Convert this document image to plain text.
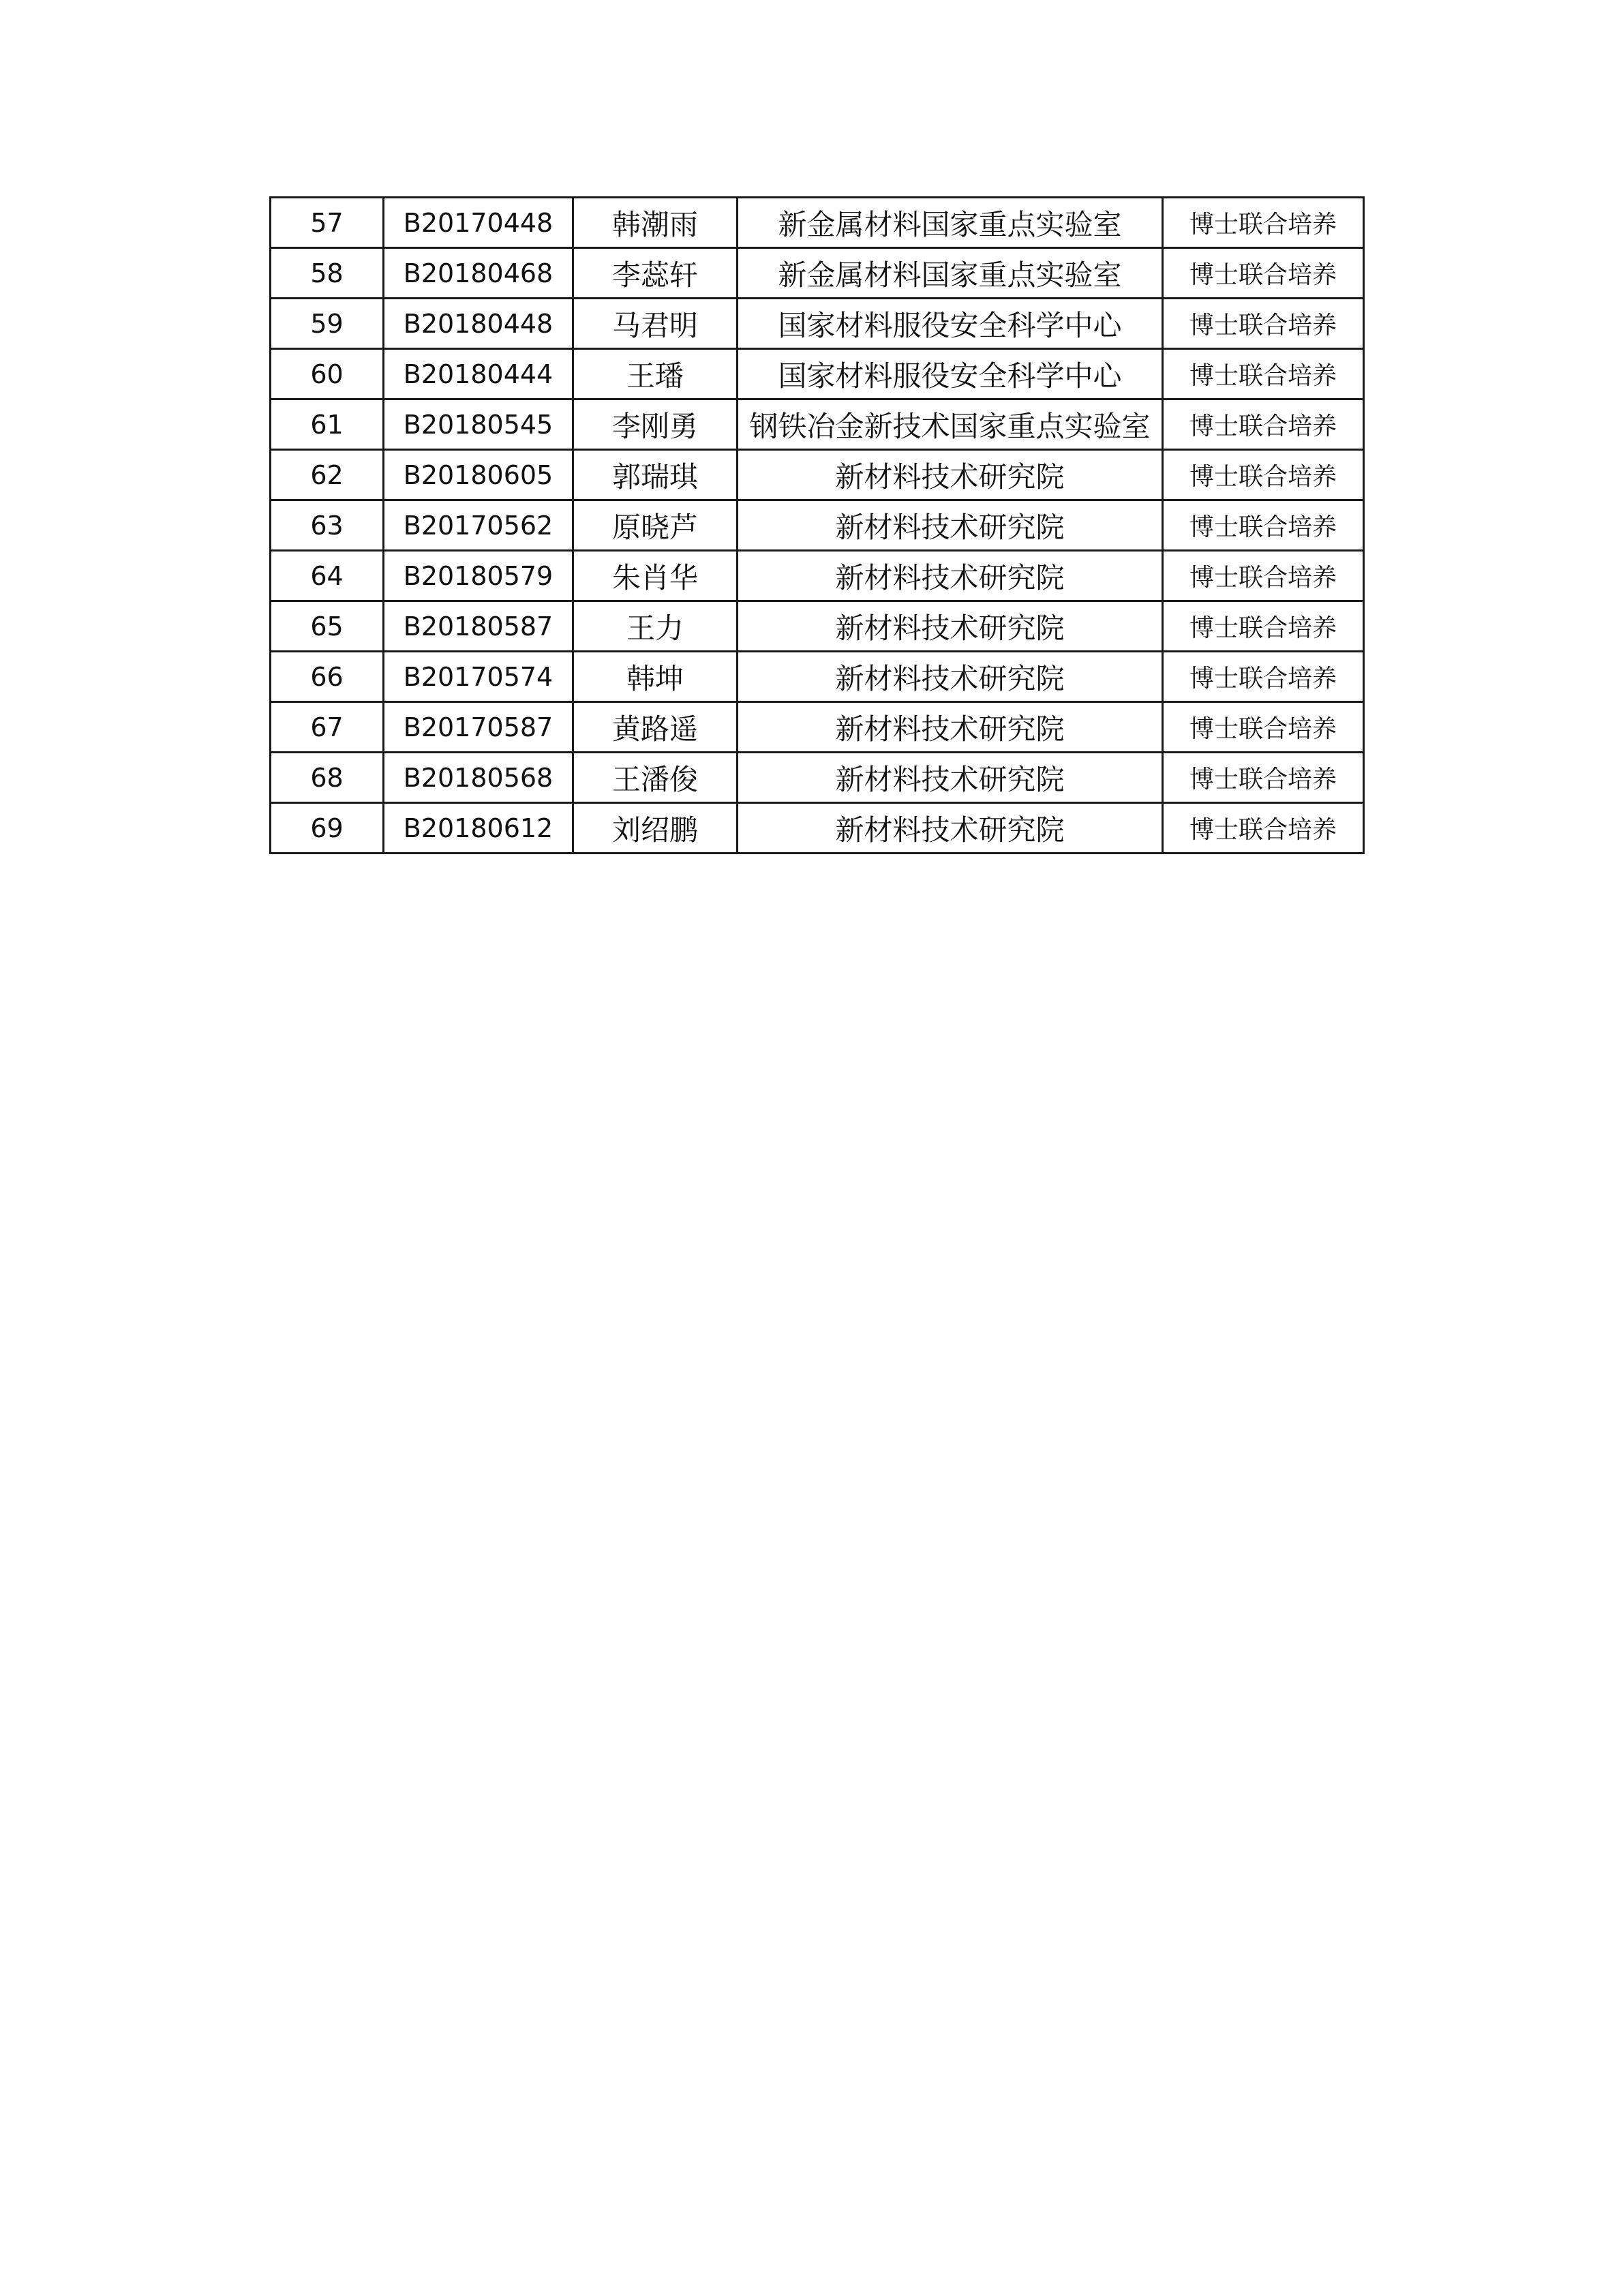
57	B20170448	韩潮雨	新金属材料国家重点实验室	博士联合培养
58	B20180468	李蕊轩	新金属材料国家重点实验室	博士联合培养
59	B20180448	马君明	国家材料服役安全科学中心	博士联合培养
60	B20180444	王璠	国家材料服役安全科学中心	博士联合培养
61	B20180545	李刚勇	钢铁冶金新技术国家重点实验室	博士联合培养
62	B20180605	郭瑞琪	新材料技术研究院	博士联合培养
63	B20170562	原晓芦	新材料技术研究院	博士联合培养
64	B20180579	朱肖华	新材料技术研究院	博士联合培养
65	B20180587	王力	新材料技术研究院	博士联合培养
66	B20170574	韩坤	新材料技术研究院	博士联合培养
67	B20170587	黄路遥	新材料技术研究院	博士联合培养
68	B20180568	王潘俊	新材料技术研究院	博士联合培养
69	B20180612	刘绍鹏	新材料技术研究院	博士联合培养
